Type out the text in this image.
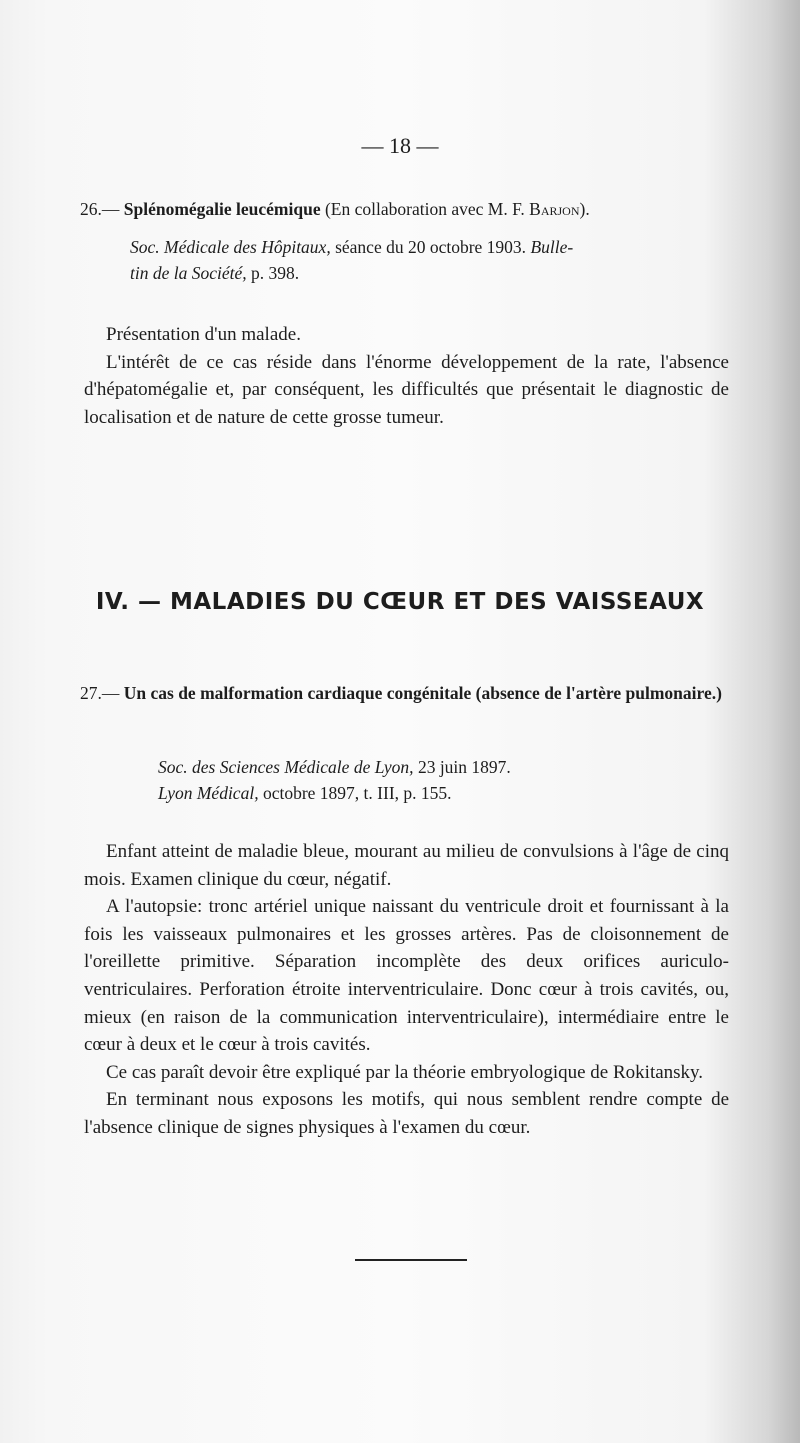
— 18 —
26.— Splénomégalie leucémique (En collaboration avec M. F. Barjon).
Soc. Médicale des Hôpitaux, séance du 20 octobre 1903. Bulle-
tin de la Société, p. 398.

Présentation d'un malade.

L'intérêt de ce cas réside dans l'énorme développement de la rate, l'absence d'hépatomégalie et, par conséquent, les difficultés que présentait le diagnostic de localisation et de nature de cette grosse tumeur.

IV. — MALADIES DU CŒUR ET DES VAISSEAUX
27.— Un cas de malformation cardiaque congénitale (absence de l'artère pulmonaire.)
Soc. des Sciences Médicale de Lyon, 23 juin 1897.
Lyon Médical, octobre 1897, t. III, p. 155.

Enfant atteint de maladie bleue, mourant au milieu de convulsions à l'âge de cinq mois. Examen clinique du cœur, négatif.

A l'autopsie: tronc artériel unique naissant du ventricule droit et fournissant à la fois les vaisseaux pulmonaires et les grosses artères. Pas de cloisonnement de l'oreillette primitive. Séparation incomplète des deux orifices auriculo-ventriculaires. Perforation étroite interventriculaire. Donc cœur à trois cavités, ou, mieux (en raison de la communication interventriculaire), intermédiaire entre le cœur à deux et le cœur à trois cavités.

Ce cas paraît devoir être expliqué par la théorie embryologique de Rokitansky.

En terminant nous exposons les motifs, qui nous semblent rendre compte de l'absence clinique de signes physiques à l'examen du cœur.
